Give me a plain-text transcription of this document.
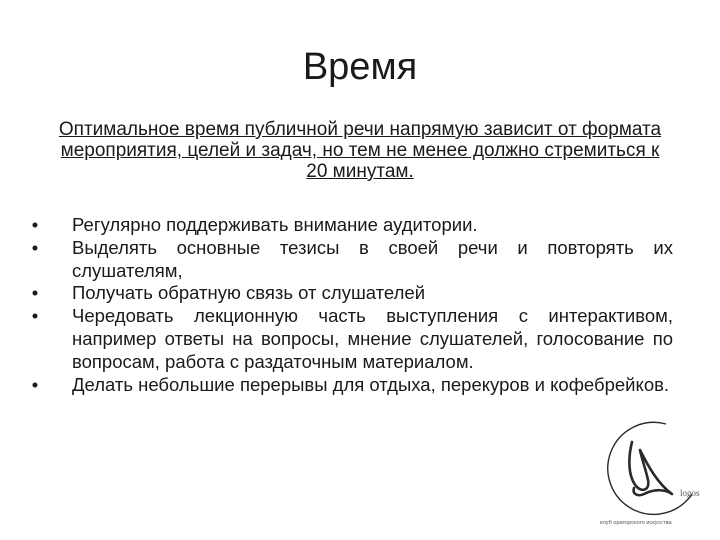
Время
Оптимальное время публичной речи напрямую зависит от формата мероприятия, целей и задач, но тем не менее должно стремиться к 20 минутам.
• Регулярно поддерживать внимание аудитории.
• Выделять основные тезисы в своей речи и повторять их слушателям,
• Получать обратную связь от слушателей
• Чередовать лекционную часть выступления с интерактивом, например ответы на вопросы, мнение слушателей, голосование по вопросам, работа с раздаточным материалом.
• Делать небольшие перерывы для отдыха, перекуров и кофебрейков.
logos
клуб ораторского искусства
